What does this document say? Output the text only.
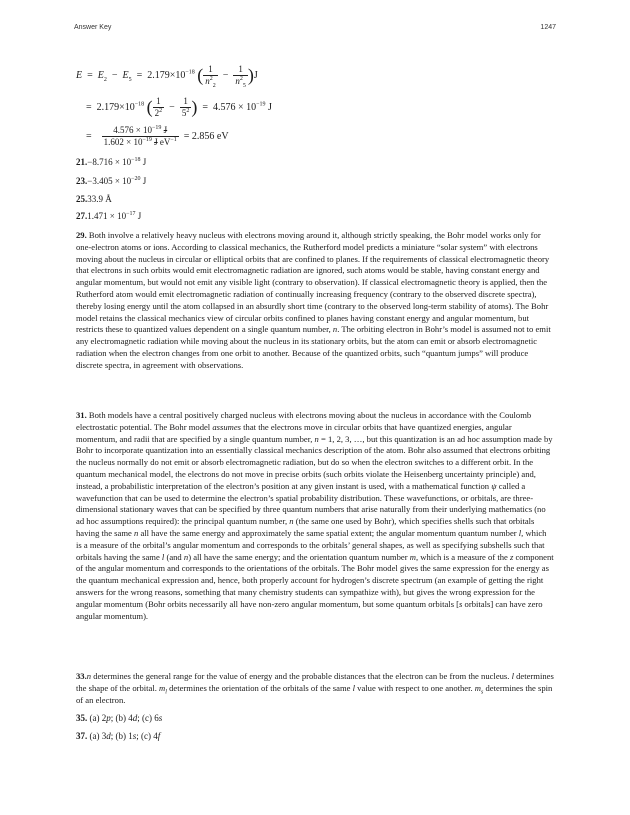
Answer Key	1247
$E = E_2 - E_5 = 2.179\times 10^{-18}$ ( $\frac{1}{n^2_2} - \frac{1}{n^2_5} )J$
= $2.179\times 10^{-18}$ ( $\frac{1}{2^2} - \frac{1}{5^2}$ ) = $4.576 \times 10^{-19}$ J
= $\frac{4.576 \times 10^{-19} J}{1.602 \times 10^{-19} J eV^{-1}} = 2.856$ eV
$21.-8.716 \times 10^{-18}$ J
$23.-3.405 \times 10^{-20}$ J
25.33.9 Å
$27.1.471 \times 10^{-17}$ J
29. Both involve a relatively heavy nucleus with electrons moving around it, although strictly speaking, the Bohr model works only for one-electron atoms or ions. According to classical mechanics, the Rutherford model predicts a miniature “solar system” with electrons moving about the nucleus in circular or elliptical orbits that are confined to planes. If the requirements of classical electromagnetic theory that electrons in such orbits would emit electromagnetic radiation are ignored, such atoms would be stable, having constant energy and angular momentum, but would not emit any visible light (contrary to observation). If classical electromagnetic theory is applied, then the Rutherford atom would emit electromagnetic radiation of continually increasing frequency (contrary to the observed discrete spectra), thereby losing energy until the atom collapsed in an absurdly short time (contrary to the observed long-term stability of atoms). The Bohr model retains the classical mechanics view of circular orbits confined to planes having constant energy and angular momentum, but restricts these to quantized values dependent on a single quantum number, n. The orbiting electron in Bohr’s model is assumed not to emit any electromagnetic radiation while moving about the nucleus in its stationary orbits, but the atom can emit or absorb electromagnetic radiation when the electron changes from one orbit to another. Because of the quantized orbits, such “quantum jumps” will produce discrete spectra, in agreement with observations.
31. Both models have a central positively charged nucleus with electrons moving about the nucleus in accordance with the Coulomb electrostatic potential. The Bohr model assumes that the electrons move in circular orbits that have quantized energies, angular momentum, and radii that are specified by a single quantum number, n = 1, 2, 3, …, but this quantization is an ad hoc assumption made by Bohr to incorporate quantization into an essentially classical mechanics description of the atom. Bohr also assumed that electrons orbiting the nucleus normally do not emit or absorb electromagnetic radiation, but do so when the electron switches to a different orbit. In the quantum mechanical model, the electrons do not move in precise orbits (such orbits violate the Heisenberg uncertainty principle) and, instead, a probabilistic interpretation of the electron’s position at any given instant is used, with a mathematical function ψ called a wavefunction that can be used to determine the electron’s spatial probability distribution. These wavefunctions, or orbitals, are three-dimensional stationary waves that can be specified by three quantum numbers that arise naturally from their underlying mathematics (no ad hoc assumptions required): the principal quantum number, n (the same one used by Bohr), which specifies shells such that orbitals having the same n all have the same energy and approximately the same spatial extent; the angular momentum quantum number l, which is a measure of the orbital’s angular momentum and corresponds to the orbitals’ general shapes, as well as specifying subshells such that orbitals having the same l (and n) all have the same energy; and the orientation quantum number m, which is a measure of the z component of the angular momentum and corresponds to the orientations of the orbitals. The Bohr model gives the same expression for the energy as the quantum mechanical expression and, hence, both properly account for hydrogen’s discrete spectrum (an example of getting the right answers for the wrong reasons, something that many chemistry students can sympathize with), but gives the wrong expression for the angular momentum (Bohr orbits necessarily all have non-zero angular momentum, but some quantum orbitals [s orbitals] can have zero angular momentum).
33.n determines the general range for the value of energy and the probable distances that the electron can be from the nucleus. l determines the shape of the orbital. $m_l$ determines the orientation of the orbitals of the same l value with respect to one another. $m_s$ determines the spin of an electron.
35. (a) 2p; (b) 4d; (c) 6s
37. (a) 3d; (b) 1s; (c) 4f
